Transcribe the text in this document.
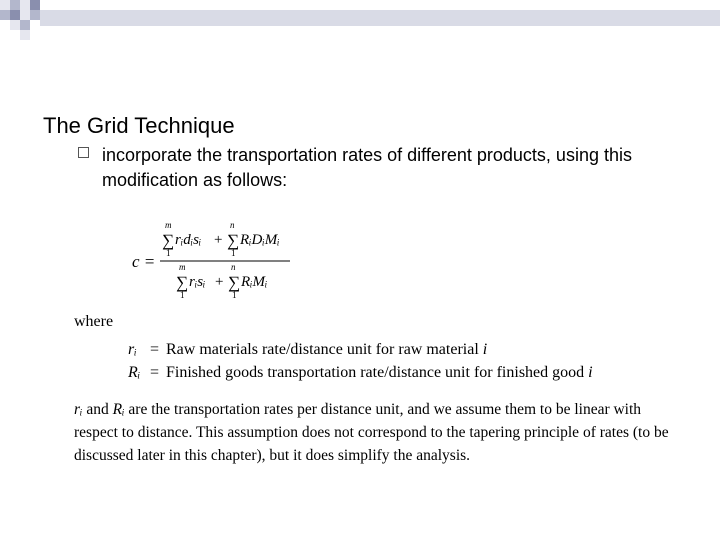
The Grid Technique
incorporate the transportation rates of different products, using this modification as follows:
c =
m
∑
1
rᵢdᵢsᵢ +
n
∑
1
RᵢDᵢMᵢ
m
∑
1
rᵢsᵢ +
n
∑
1
RᵢMᵢ
where
rᵢ = Raw materials rate/distance unit for raw material i
Rᵢ = Finished goods transportation rate/distance unit for finished good i
rᵢ and Rᵢ are the transportation rates per distance unit, and we assume them to be linear with respect to distance. This assumption does not correspond to the tapering principle of rates (to be discussed later in this chapter), but it does simplify the analysis.
